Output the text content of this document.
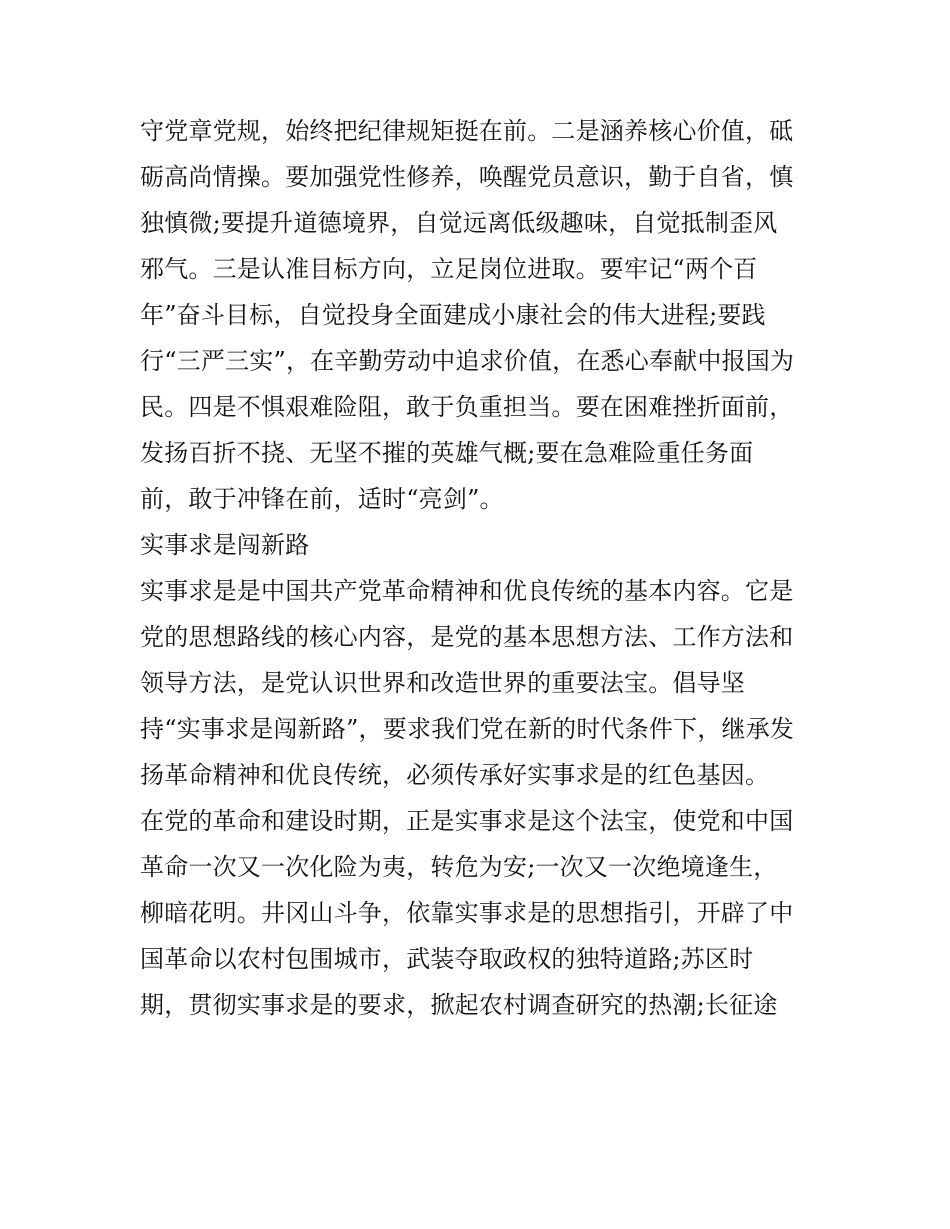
守党章党规，始终把纪律规矩挺在前。二是涵养核心价值，砥
砺高尚情操。要加强党性修养，唤醒党员意识，勤于自省，慎
独慎微;要提升道德境界，自觉远离低级趣味，自觉抵制歪风
邪气。三是认准目标方向，立足岗位进取。要牢记“两个百
年”奋斗目标，自觉投身全面建成小康社会的伟大进程;要践
行“三严三实”，在辛勤劳动中追求价值，在悉心奉献中报国为
民。四是不惧艰难险阻，敢于负重担当。要在困难挫折面前，
发扬百折不挠、无坚不摧的英雄气概;要在急难险重任务面
前，敢于冲锋在前，适时“亮剑”。
实事求是闯新路
实事求是是中国共产党革命精神和优良传统的基本内容。它是
党的思想路线的核心内容，是党的基本思想方法、工作方法和
领导方法，是党认识世界和改造世界的重要法宝。倡导坚
持“实事求是闯新路”，要求我们党在新的时代条件下，继承发
扬革命精神和优良传统，必须传承好实事求是的红色基因。
在党的革命和建设时期，正是实事求是这个法宝，使党和中国
革命一次又一次化险为夷，转危为安;一次又一次绝境逢生，
柳暗花明。井冈山斗争，依靠实事求是的思想指引，开辟了中
国革命以农村包围城市，武装夺取政权的独特道路;苏区时
期，贯彻实事求是的要求，掀起农村调查研究的热潮;长征途
